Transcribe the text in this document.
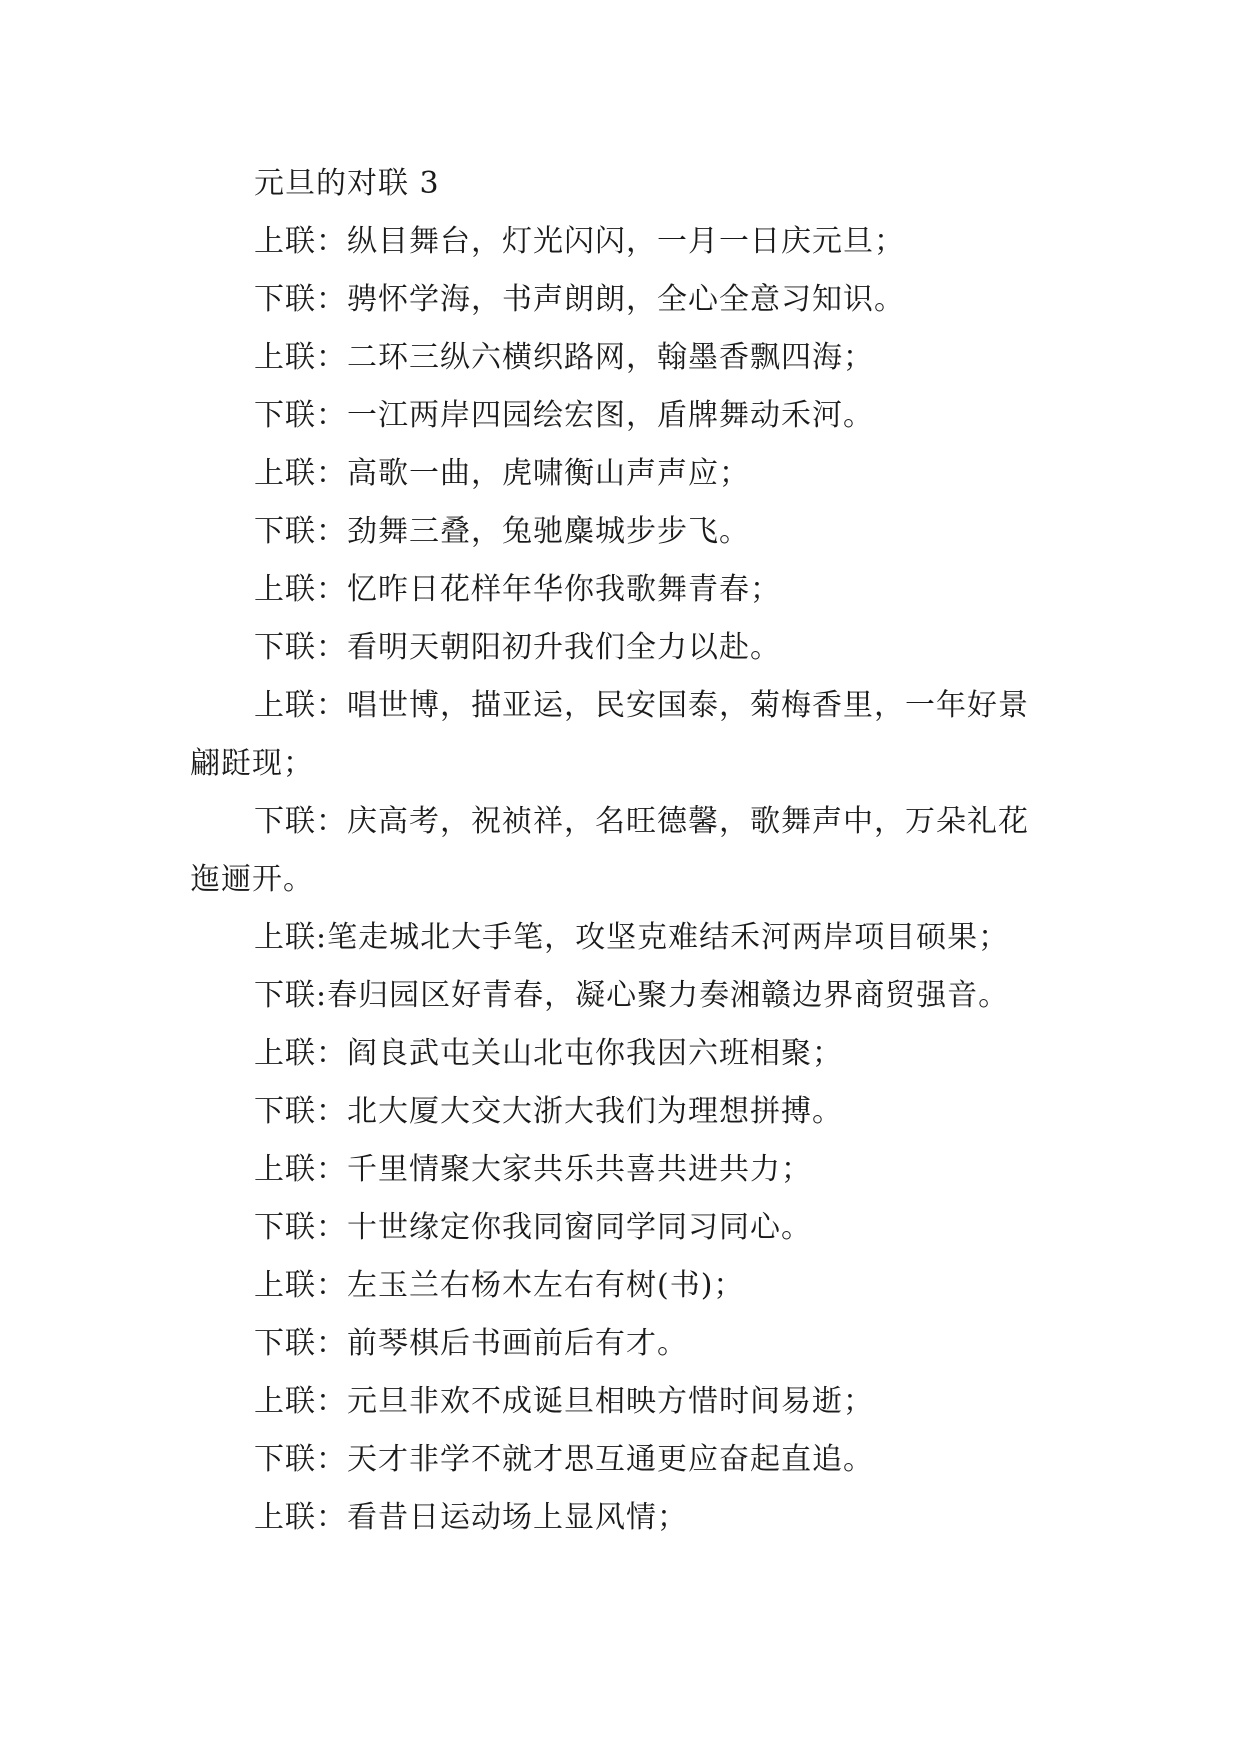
元旦的对联 3

上联：纵目舞台，灯光闪闪，一月一日庆元旦；

下联：骋怀学海，书声朗朗，全心全意习知识。

上联：二环三纵六横织路网，翰墨香飘四海；

下联：一江两岸四园绘宏图，盾牌舞动禾河。

上联：高歌一曲，虎啸衡山声声应；

下联：劲舞三叠，兔驰麋城步步飞。

上联：忆昨日花样年华你我歌舞青春；

下联：看明天朝阳初升我们全力以赴。

上联：唱世博，描亚运，民安国泰，菊梅香里，一年好景翩跹现；

下联：庆高考，祝祯祥，名旺德馨，歌舞声中，万朵礼花迤逦开。

上联:笔走城北大手笔，攻坚克难结禾河两岸项目硕果；

下联:春归园区好青春，凝心聚力奏湘赣边界商贸强音。

上联：阎良武屯关山北屯你我因六班相聚；

下联：北大厦大交大浙大我们为理想拼搏。

上联：千里情聚大家共乐共喜共进共力；

下联：十世缘定你我同窗同学同习同心。

上联：左玉兰右杨木左右有树(书)；

下联：前琴棋后书画前后有才。

上联：元旦非欢不成诞旦相映方惜时间易逝；

下联：天才非学不就才思互通更应奋起直追。

上联：看昔日运动场上显风情；
